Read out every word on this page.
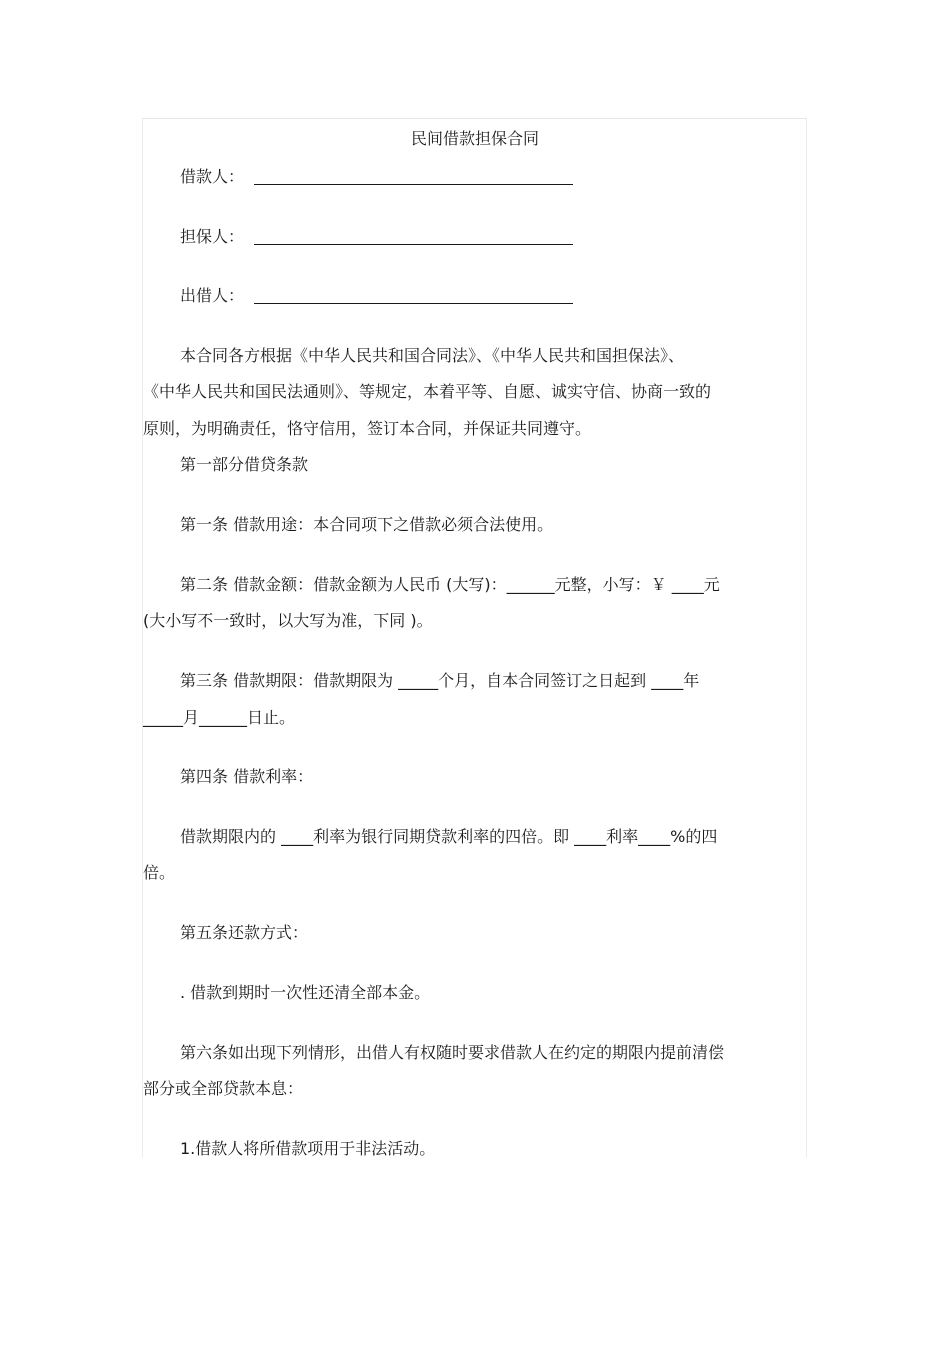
民间借款担保合同
借款人：
担保人：
出借人：
本合同各方根据《中华人民共和国合同法》、《中华人民共和国担保法》、
《中华人民共和国民法通则》、等规定，本着平等、自愿、诚实守信、协商一致的
原则，为明确责任，恪守信用，签订本合同，并保证共同遵守。
第一部分借贷条款
第一条 借款用途：本合同项下之借款必须合法使用。
第二条 借款金额：借款金额为人民币 (大写)：______元整，小写：￥ ____元
(大小写不一致时，以大写为准，下同 )。
第三条 借款期限：借款期限为 _____个月，自本合同签订之日起到 ____年
_____月______日止。
第四条 借款利率：
借款期限内的 ____利率为银行同期贷款利率的四倍。即 ____利率____%的四
倍。
第五条还款方式：
. 借款到期时一次性还清全部本金。
第六条如出现下列情形，出借人有权随时要求借款人在约定的期限内提前清偿
部分或全部贷款本息：
1.借款人将所借款项用于非法活动。
